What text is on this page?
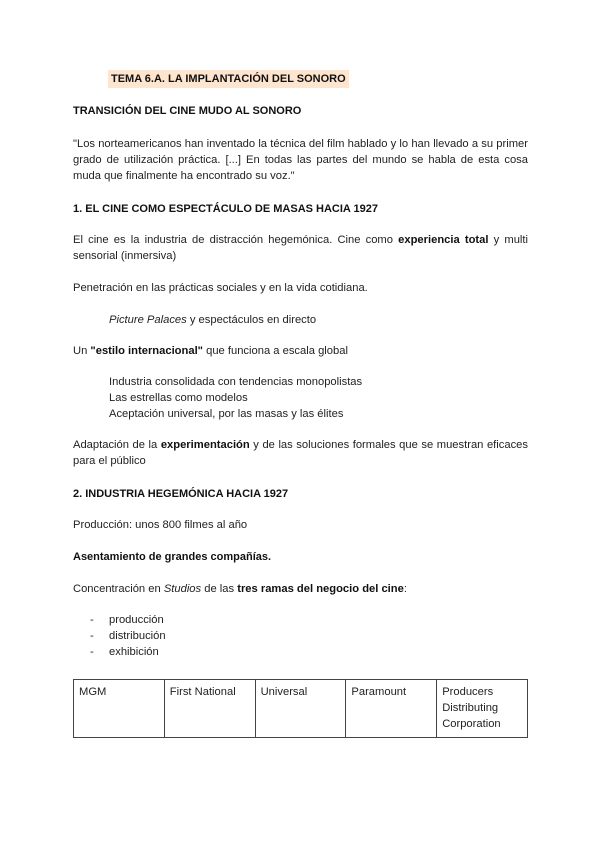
TEMA 6.A. LA IMPLANTACIÓN DEL SONORO

TRANSICIÓN DEL CINE MUDO AL SONORO

"Los norteamericanos han inventado la técnica del film hablado y lo han llevado a su primer grado de utilización práctica. [...] En todas las partes del mundo se habla de esta cosa muda que finalmente ha encontrado su voz."

1. EL CINE COMO ESPECTÁCULO DE MASAS HACIA 1927

El cine es la industria de distracción hegemónica. Cine como experiencia total y multi sensorial (inmersiva)

Penetración en las prácticas sociales y en la vida cotidiana.

Picture Palaces y espectáculos en directo

Un "estilo internacional" que funciona a escala global

Industria consolidada con tendencias monopolistas
Las estrellas como modelos
Aceptación universal, por las masas y las élites

Adaptación de la experimentación y de las soluciones formales que se muestran eficaces para el público

2. INDUSTRIA HEGEMÓNICA HACIA 1927

Producción: unos 800 filmes al año

Asentamiento de grandes compañías.

Concentración en Studios de las tres ramas del negocio del cine:

-	producción
-	distribución
-	exhibición
MGM	First National	Universal	Paramount	Producers Distributing Corporation
